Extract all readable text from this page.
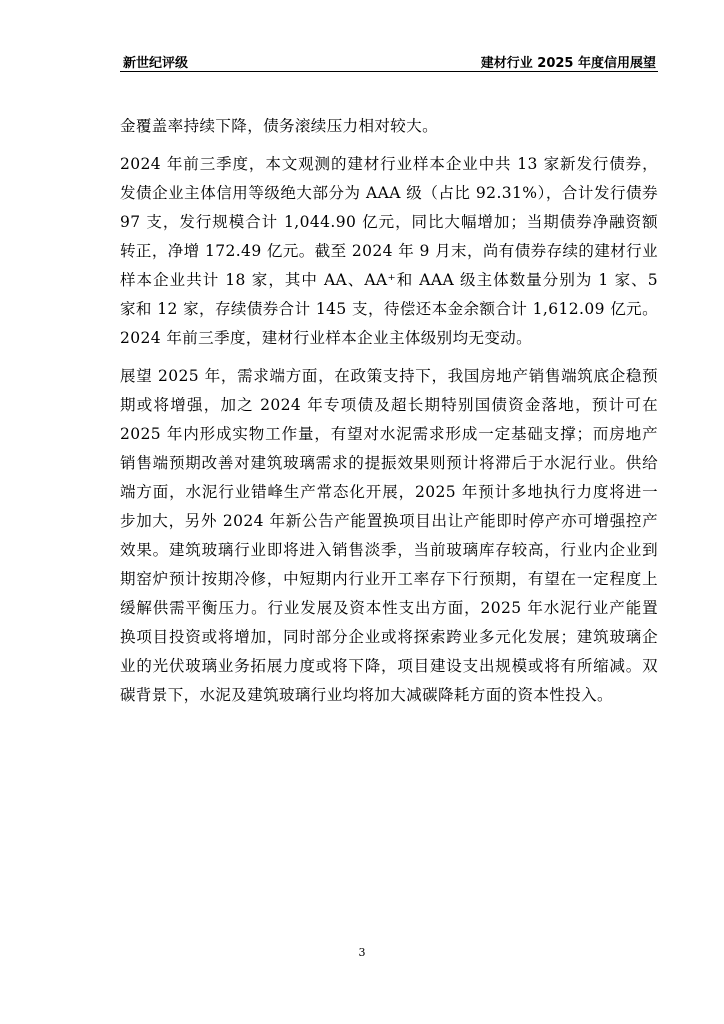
新世纪评级	建材行业 2025 年度信用展望

金覆盖率持续下降，债务滚续压力相对较大。

2024 年前三季度，本文观测的建材行业样本企业中共 13 家新发行债券，发债企业主体信用等级绝大部分为 AAA 级（占比 92.31%），合计发行债券 97 支，发行规模合计 1,044.90 亿元，同比大幅增加；当期债券净融资额转正，净增 172.49 亿元。截至 2024 年 9 月末，尚有债券存续的建材行业样本企业共计 18 家，其中 AA、AA⁺和 AAA 级主体数量分别为 1 家、5 家和 12 家，存续债券合计 145 支，待偿还本金余额合计 1,612.09 亿元。2024 年前三季度，建材行业样本企业主体级别均无变动。

展望 2025 年，需求端方面，在政策支持下，我国房地产销售端筑底企稳预期或将增强，加之 2024 年专项债及超长期特别国债资金落地，预计可在 2025 年内形成实物工作量，有望对水泥需求形成一定基础支撑；而房地产销售端预期改善对建筑玻璃需求的提振效果则预计将滞后于水泥行业。供给端方面，水泥行业错峰生产常态化开展，2025 年预计多地执行力度将进一步加大，另外 2024 年新公告产能置换项目出让产能即时停产亦可增强控产效果。建筑玻璃行业即将进入销售淡季，当前玻璃库存较高，行业内企业到期窑炉预计按期冷修，中短期内行业开工率存下行预期，有望在一定程度上缓解供需平衡压力。行业发展及资本性支出方面，2025 年水泥行业产能置换项目投资或将增加，同时部分企业或将探索跨业多元化发展；建筑玻璃企业的光伏玻璃业务拓展力度或将下降，项目建设支出规模或将有所缩减。双碳背景下，水泥及建筑玻璃行业均将加大减碳降耗方面的资本性投入。

3
